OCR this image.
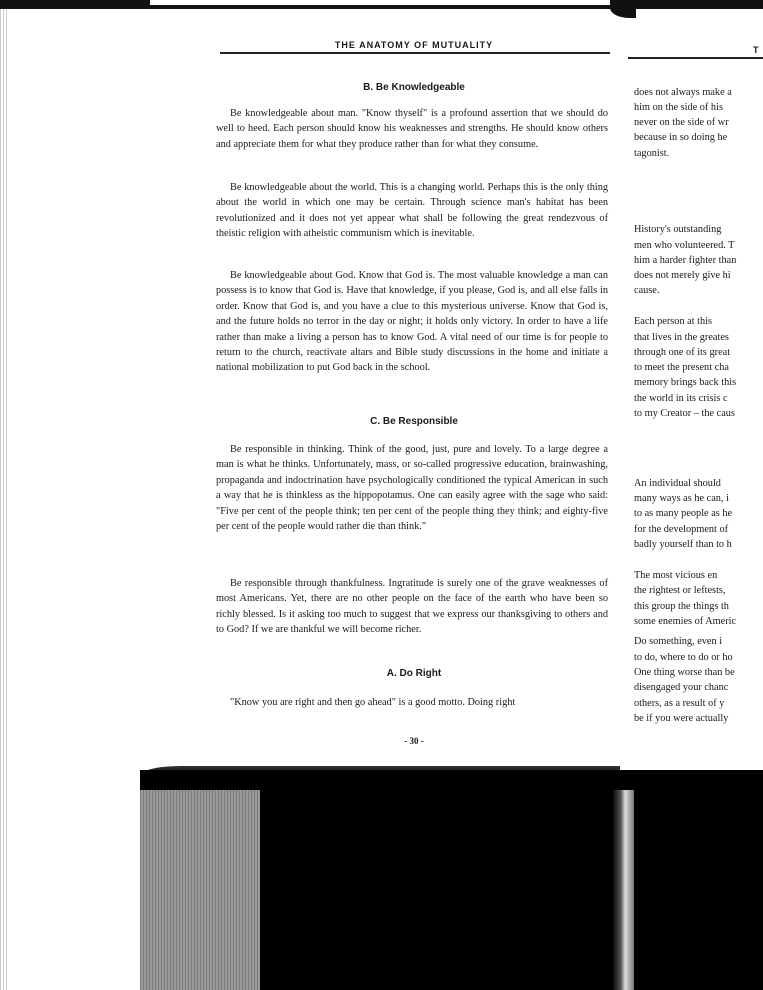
THE ANATOMY OF MUTUALITY
B. Be Knowledgeable
Be knowledgeable about man. "Know thyself" is a profound assertion that we should do well to heed. Each person should know his weaknesses and strengths. He should know others and appreciate them for what they produce rather than for what they consume.
Be knowledgeable about the world. This is a changing world. Perhaps this is the only thing about the world in which one may be certain. Through science man's habitat has been revolutionized and it does not yet appear what shall be following the great rendezvous of theistic religion with atheistic communism which is inevitable.
Be knowledgeable about God. Know that God is. The most valuable knowledge a man can possess is to know that God is. Have that knowledge, if you please, God is, and all else falls in order. Know that God is, and you have a clue to this mysterious universe. Know that God is, and the future holds no terror in the day or night; it holds only victory. In order to have a life rather than make a living a person has to know God. A vital need of our time is for people to return to the church, reactivate altars and Bible study discussions in the home and initiate a national mobilization to put God back in the school.
C. Be Responsible
Be responsible in thinking. Think of the good, just, pure and lovely. To a large degree a man is what he thinks. Unfortunately, mass, or so-called progressive education, brainwashing, propaganda and indoctrination have psychologically conditioned the typical American in such a way that he is thinkless as the hippopotamus. One can easily agree with the sage who said: "Five per cent of the people think; ten per cent of the people thing they think; and eighty-five per cent of the people would rather die than think."
Be responsible through thankfulness. Ingratitude is surely one of the grave weaknesses of most Americans. Yet, there are no other people on the face of the earth who have been so richly blessed. Is it asking too much to suggest that we express our thanksgiving to others and to God? If we are thankful we will become richer.
A. Do Right
"Know you are right and then go ahead" is a good motto. Doing right
- 30 -
T
does not always make a
him on the side of his
never on the side of wr
because in so doing he
tagonist.
History's outstanding
men who volunteered. T
him a harder fighter than
does not merely give hi
cause.
Each person at this
that lives in the greates
through one of its great
to meet the present cha
memory brings back this
the world in its crisis c
to my Creator – the caus
An individual should
many ways as he can, i
to as many people as he
for the development of
badly yourself than to h
The most vicious en
the rightest or leftests,
this group the things th
some enemies of Americ
Do something, even i
to do, where to do or ho
One thing worse than be
disengaged your chanc
others, as a result of y
be if you were actually
